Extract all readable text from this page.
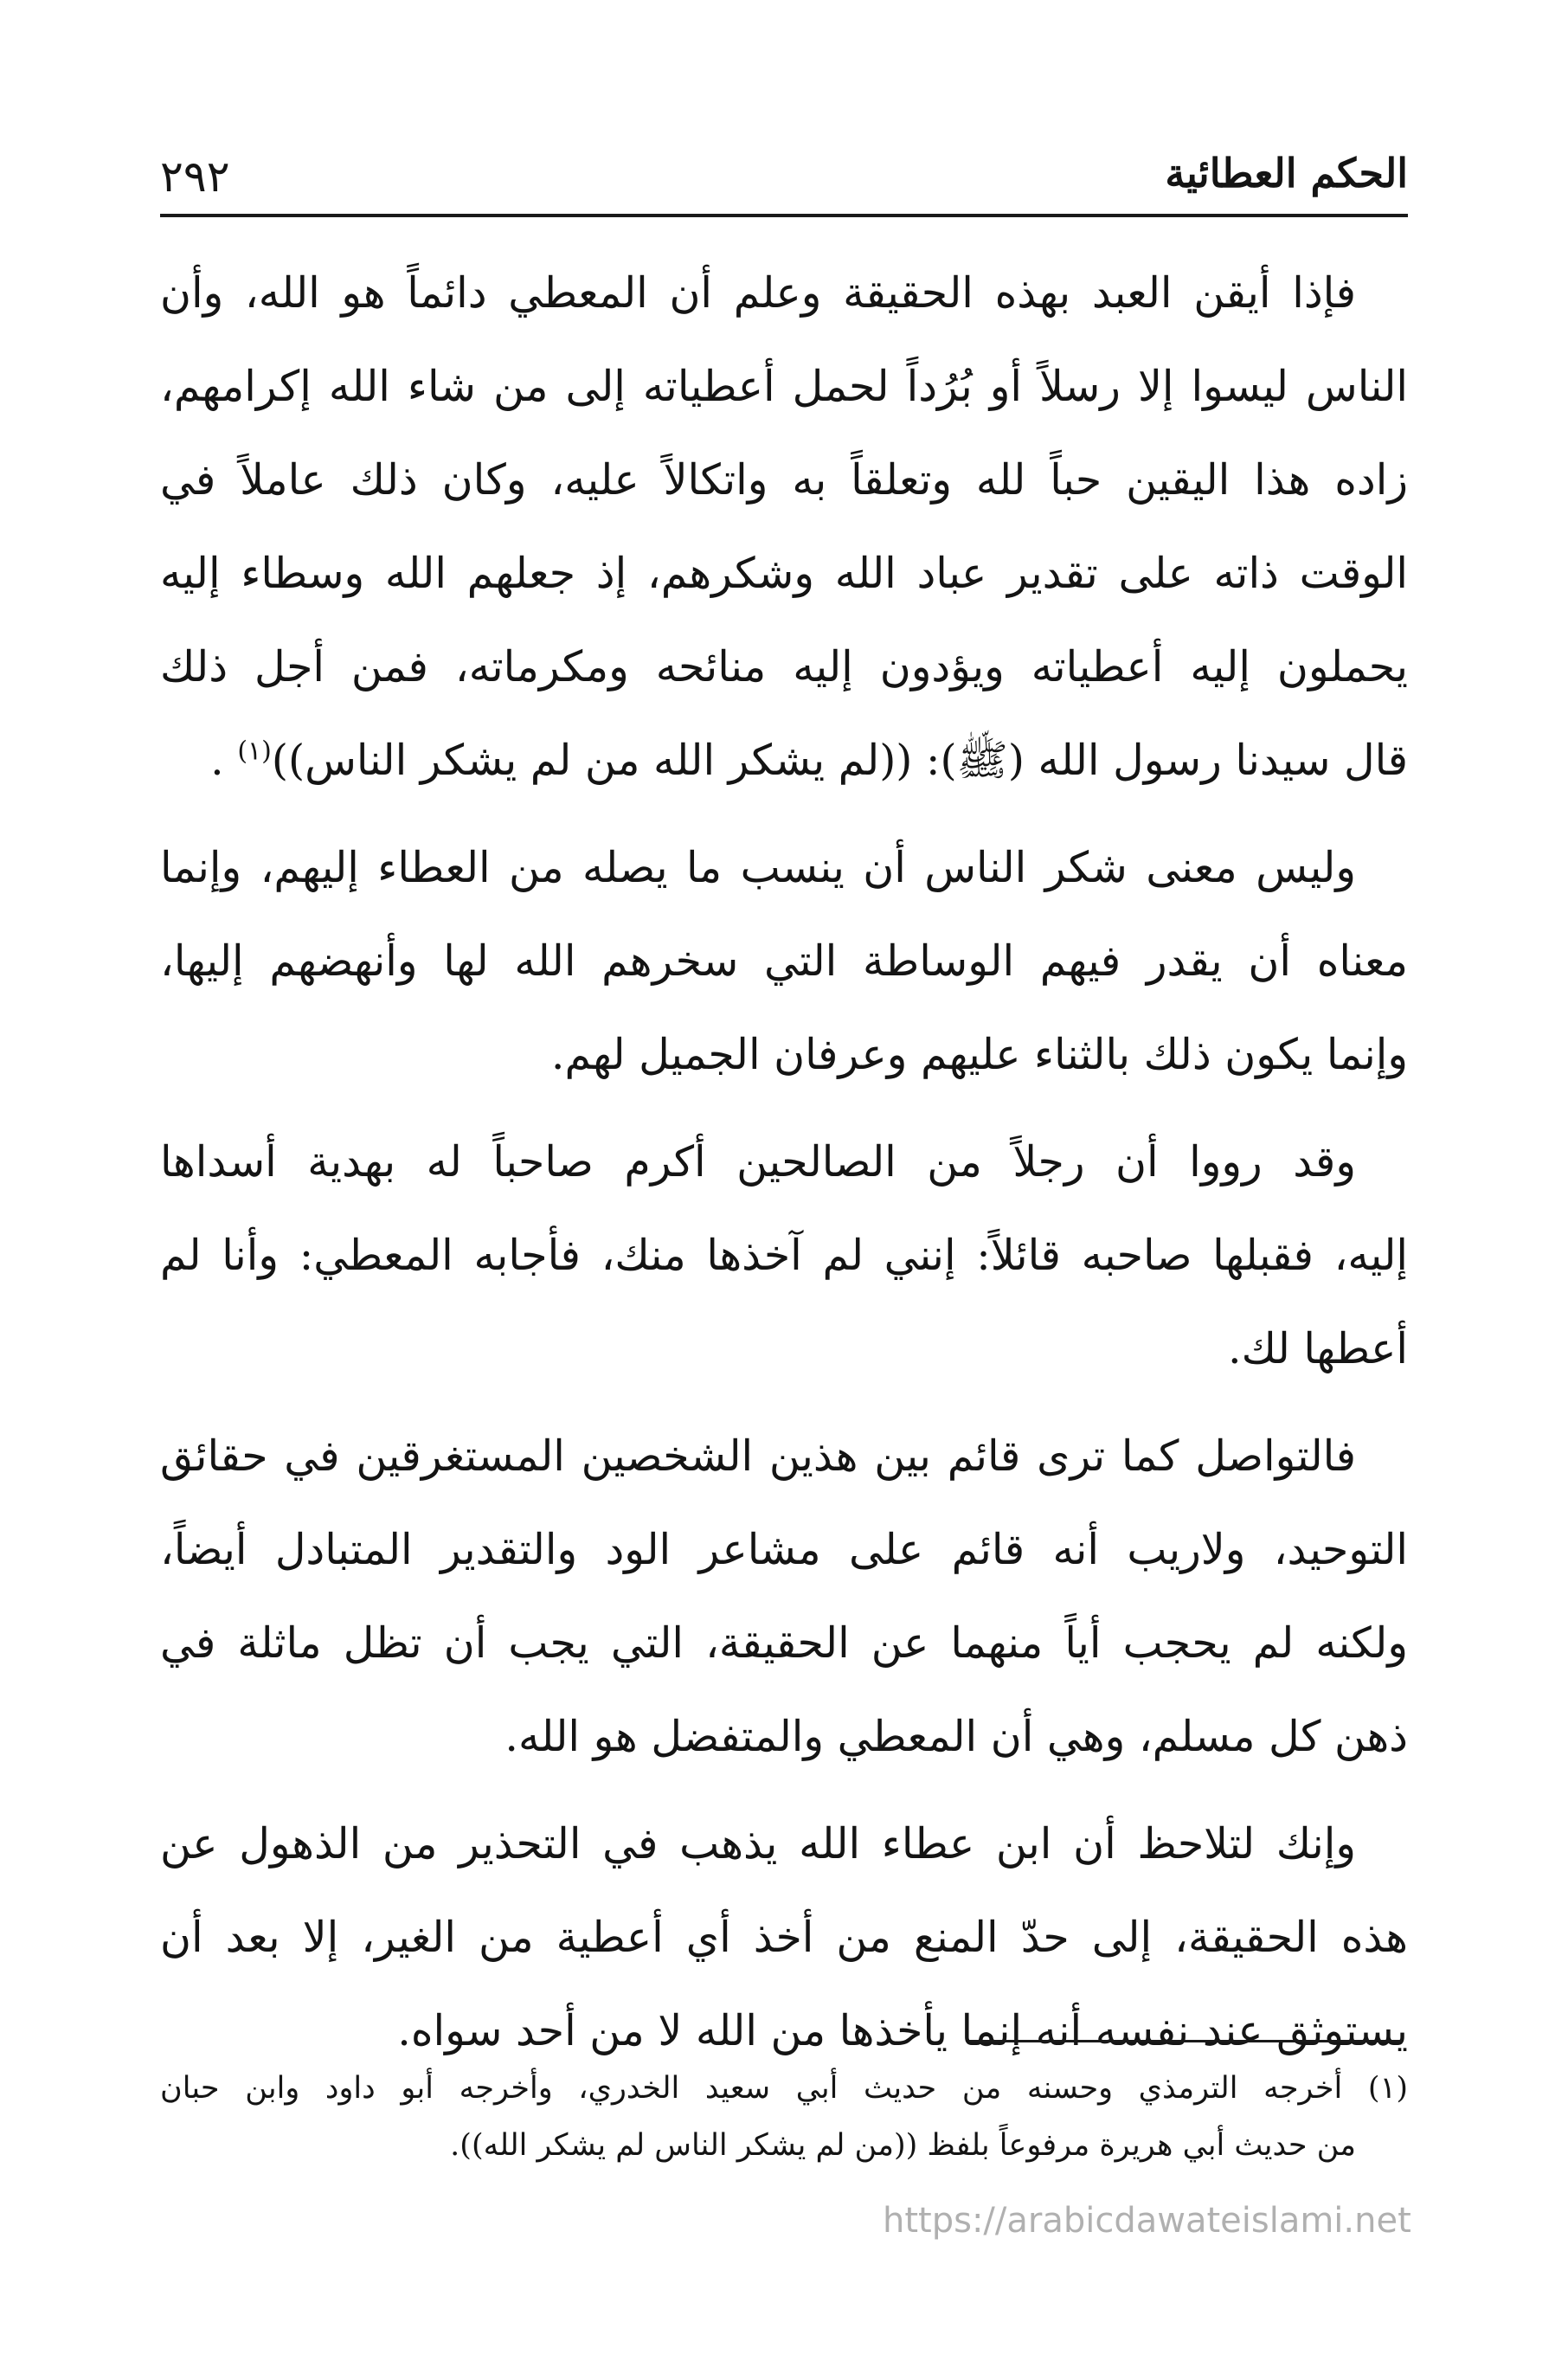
الحكم العطائية
٢٩٢
فإذا أيقن العبد بهذه الحقيقة وعلم أن المعطي دائماً هو الله، وأن
الناس ليسوا إلا رسلاً أو بُرُداً لحمل أعطياته إلى من شاء الله إكرامهم،
زاده هذا اليقين حباً لله وتعلقاً به واتكالاً عليه، وكان ذلك عاملاً في
الوقت ذاته على تقدير عباد الله وشكرهم، إذ جعلهم الله وسطاء إليه
يحملون إليه أعطياته ويؤدون إليه منائحه ومكرماته، فمن أجل ذلك
قال سيدنا رسول الله (ﷺ): ((لم يشكر الله من لم يشكر الناس))$^{(١)}$ .
وليس معنى شكر الناس أن ينسب ما يصله من العطاء إليهم، وإنما
معناه أن يقدر فيهم الوساطة التي سخرهم الله لها وأنهضهم إليها،
وإنما يكون ذلك بالثناء عليهم وعرفان الجميل لهم.
وقد رووا أن رجلاً من الصالحين أكرم صاحباً له بهدية أسداها
إليه، فقبلها صاحبه قائلاً: إنني لم آخذها منك، فأجابه المعطي: وأنا لم
أعطها لك.
فالتواصل كما ترى قائم بين هذين الشخصين المستغرقين في حقائق
التوحيد، ولاريب أنه قائم على مشاعر الود والتقدير المتبادل أيضاً،
ولكنه لم يحجب أياً منهما عن الحقيقة، التي يجب أن تظل ماثلة في
ذهن كل مسلم، وهي أن المعطي والمتفضل هو الله.
وإنك لتلاحظ أن ابن عطاء الله يذهب في التحذير من الذهول عن
هذه الحقيقة، إلى حدّ المنع من أخذ أي أعطية من الغير، إلا بعد أن
يستوثق عند نفسه أنه إنما يأخذها من الله لا من أحد سواه.
(١) أخرجه الترمذي وحسنه من حديث أبي سعيد الخدري، وأخرجه أبو داود وابن حبان
من حديث أبي هريرة مرفوعاً بلفظ ((من لم يشكر الناس لم يشكر الله)).
https://arabicdawateislami.net
